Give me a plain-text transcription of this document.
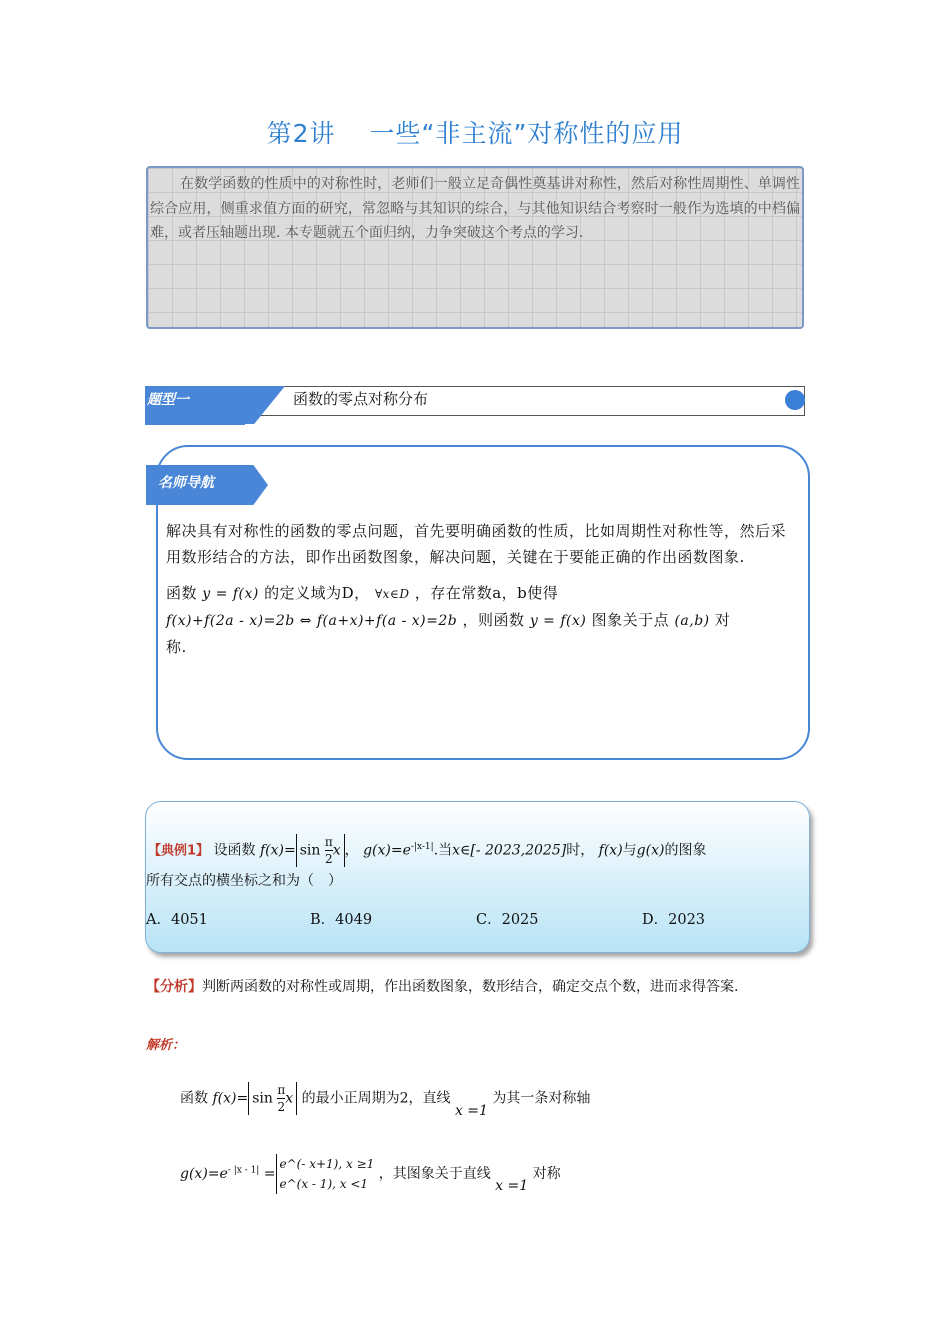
第2讲 一些“非主流”对称性的应用

在数学函数的性质中的对称性时，老师们一般立足奇偶性奠基讲对称性，然后对称性周期性、单调性综合应用，侧重求值方面的研究，常忽略与其知识的综合，与其他知识结合考察时一般作为选填的中档偏难，或者压轴题出现. 本专题就五个面归纳，力争突破这个考点的学习.

题型一	函数的零点对称分布
名师导航

解决具有对称性的函数的零点问题，首先要明确函数的性质，比如周期性对称性等，然后采用数形结合的方法，即作出函数图象，解决问题，关键在于要能正确的作出函数图象.

函数 y = f(x) 的定义域为D， ∀x∈D ，存在常数a，b使得
f(x)+f(2a - x)=2b ⇔ f(a+x)+f(a - x)=2b ，则函数 y = f(x) 图象关于点 (a,b) 对
称.

【典例1】 设函数 $f(x)= \sin \frac{\pi}{2}$ x ， $g(x)=e^{-|x-1|}$.当x∈[- 2023,2025]时， f(x)与g(x)的图象
所有交点的横坐标之和为（　）
A．4051	B．4049	C．2025	D．2023
【分析】判断两函数的对称性或周期，作出函数图象，数形结合，确定交点个数，进而求得答案.
解析：
函数 $f(x)= \sin \frac{\pi}{2}$ x 的最小正周期为2，直线 x =1 为其一条对称轴
$g(x)=e^{- |x - 1|}$ =e^(- x+1), x ≥1
e^(x - 1), x <1 ，其图象关于直线 x =1 对称
